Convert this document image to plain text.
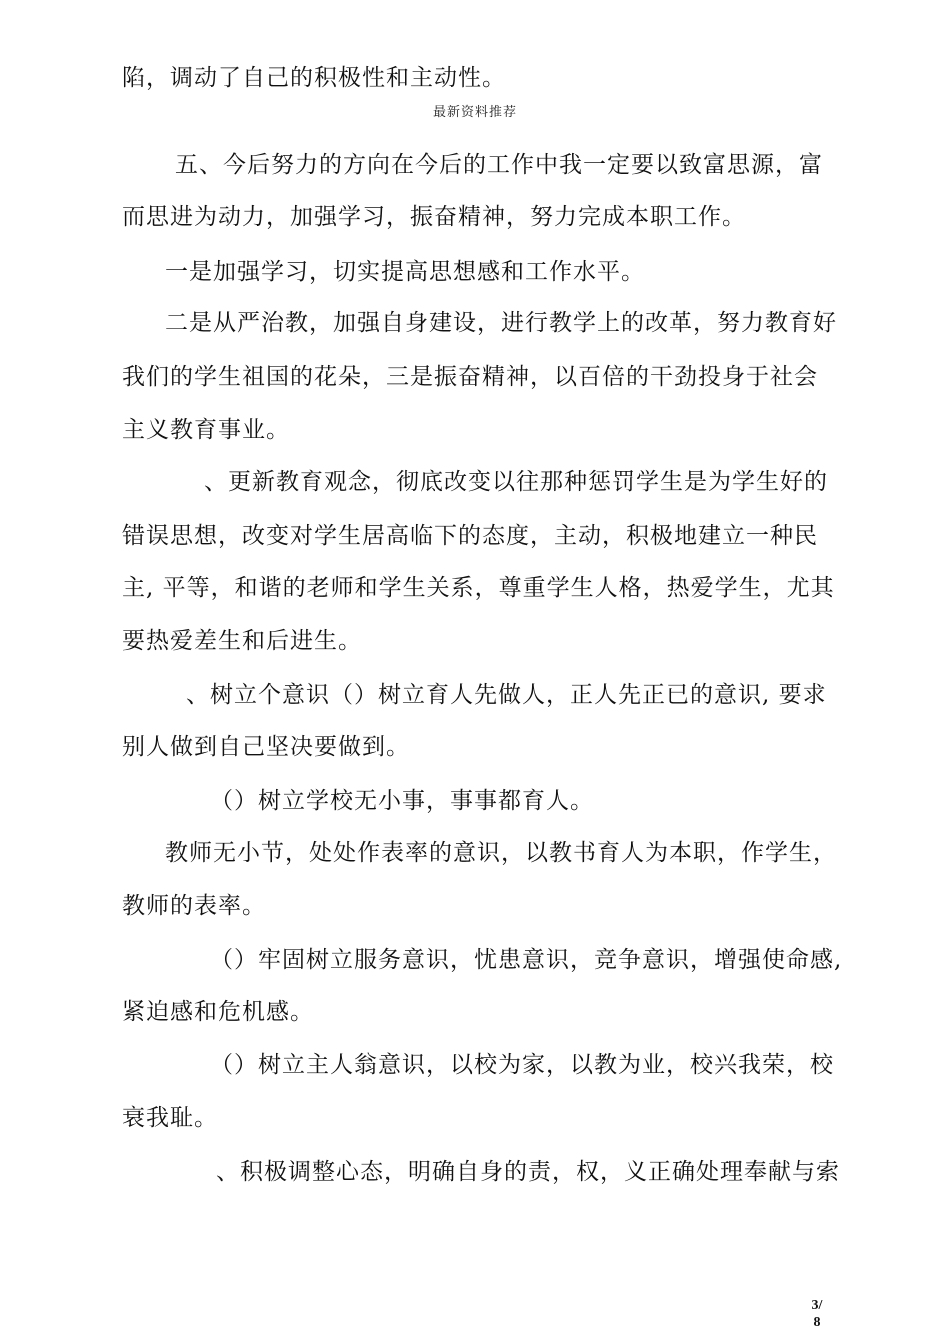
陷，调动了自己的积极性和主动性。
最新资料推荐
五、今后努力的方向在今后的工作中我一定要以致富思源，富
而思进为动力，加强学习，振奋精神，努力完成本职工作。
一是加强学习，切实提高思想感和工作水平。
二是从严治教，加强自身建设，进行教学上的改革，努力教育好
我们的学生祖国的花朵，三是振奋精神，以百倍的干劲投身于社会
主义教育事业。
、更新教育观念，彻底改变以往那种惩罚学生是为学生好的
错误思想，改变对学生居高临下的态度，主动，积极地建立一种民
主, 平等，和谐的老师和学生关系，尊重学生人格，热爱学生，尤其
要热爱差生和后进生。
、树立个意识（）树立育人先做人，正人先正已的意识, 要求
别人做到自己坚决要做到。
（）树立学校无小事，事事都育人。
教师无小节，处处作表率的意识，以教书育人为本职，作学生，
教师的表率。
（）牢固树立服务意识，忧患意识，竞争意识，增强使命感,
紧迫感和危机感。
（）树立主人翁意识，以校为家，以教为业，校兴我荣，校
衰我耻。
、积极调整心态，明确自身的责，权，义正确处理奉献与索
3/
8
